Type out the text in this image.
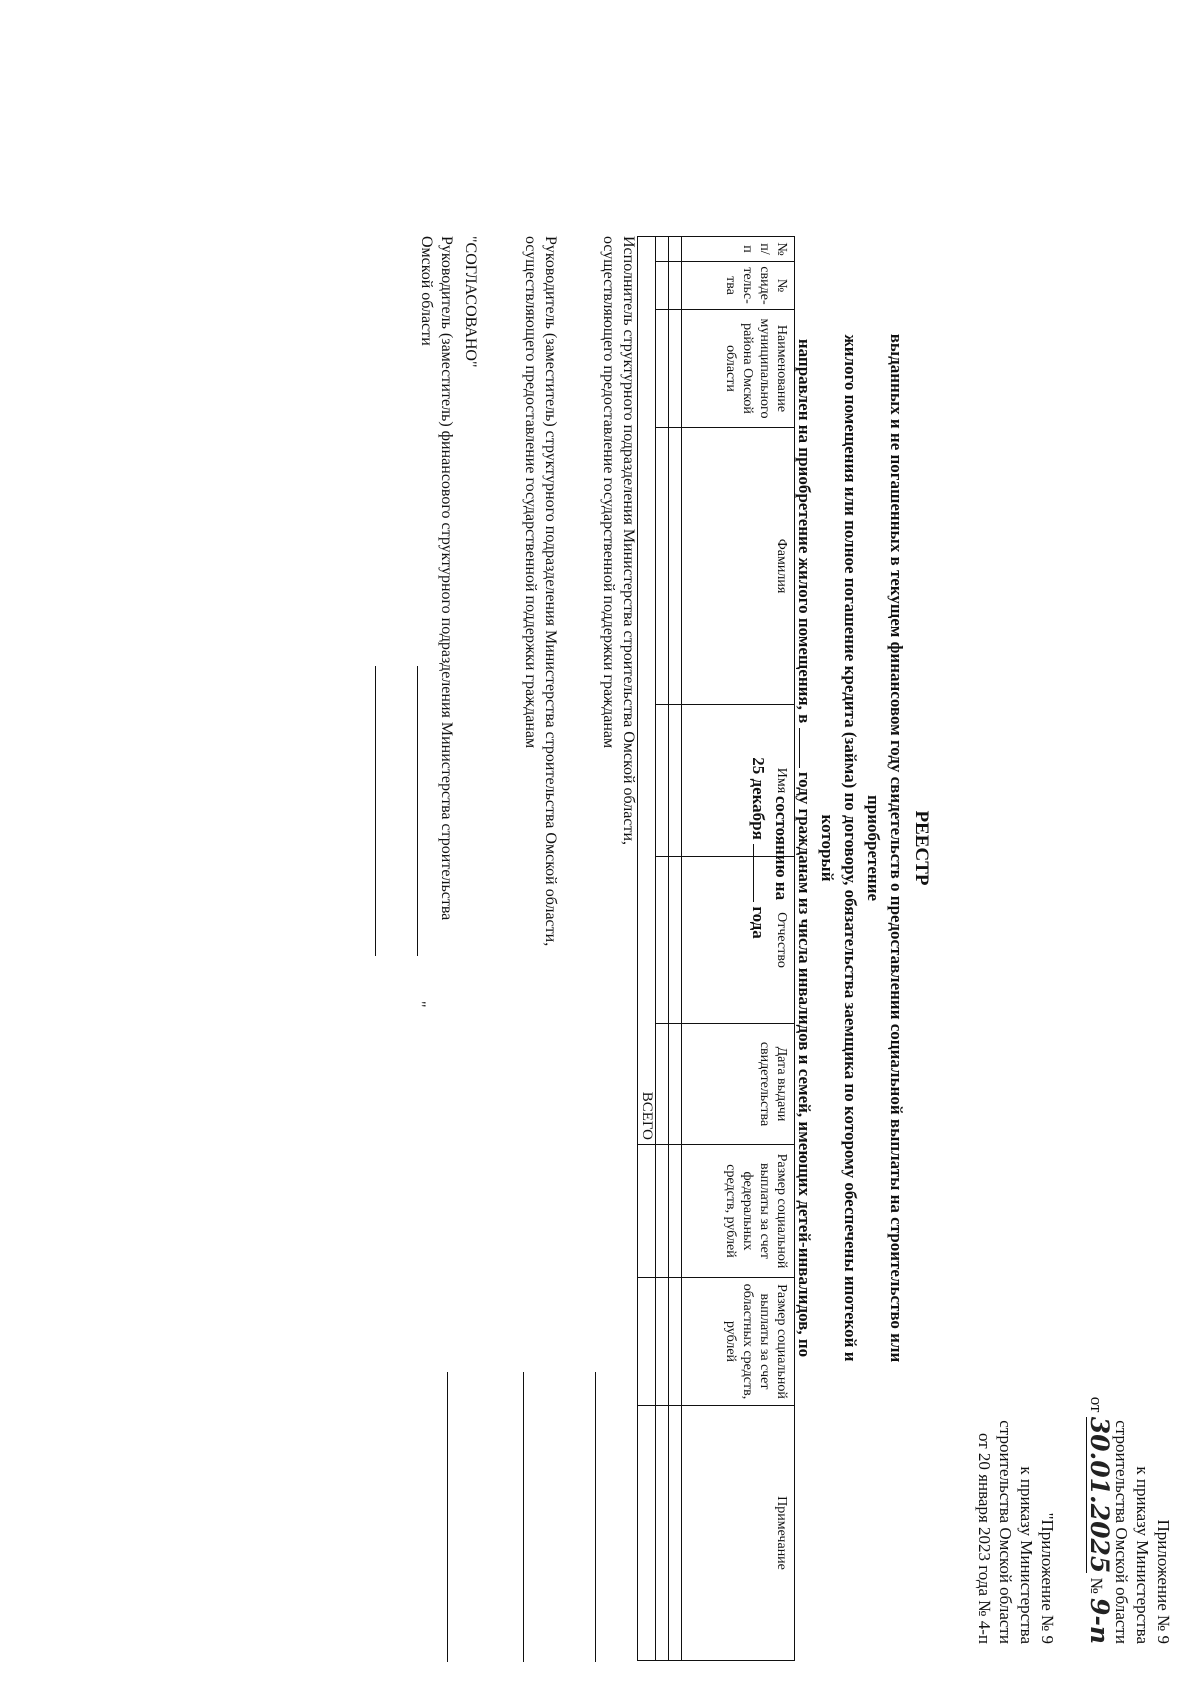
Приложение № 9
к приказу Министерства
строительства Омской области
от 30.01.2025 № 9-п
"Приложение № 9
к приказу Министерства
строительства Омской области
от 20 января 2023 года № 4-п
РЕЕСТР
выданных и не погашенных в текущем финансовом году свидетельств о предоставлении социальной выплаты на строительство или приобретение
жилого помещения или полное погашение кредита (займа) по договору, обязательства заемщика по которому обеспечены ипотекой и который
направлен на приобретение жилого помещения, в  году гражданам из числа инвалидов и семей, имеющих детей-инвалидов, по состоянию на
25 декабря  года
№ п/п	№ свиде-тельс-тва	Наименование муниципального района Омской области	Фамилия	Имя	Отчество	Дата выдачи свидетельства	Размер социальной выплаты за счет федеральных средств, рублей	Размер социальной выплаты за счет областных средств, рублей	Примечание

ВСЕГО									
Исполнитель структурного подразделения Министерства строительства Омской области,
осуществляющего предоставление государственной поддержки гражданам
Руководитель (заместитель) структурного подразделения Министерства строительства Омской области,
осуществляющего предоставление государственной поддержки гражданам
"СОГЛАСОВАНО"
Руководитель (заместитель) финансового структурного подразделения Министерства строительства
Омской области
"
